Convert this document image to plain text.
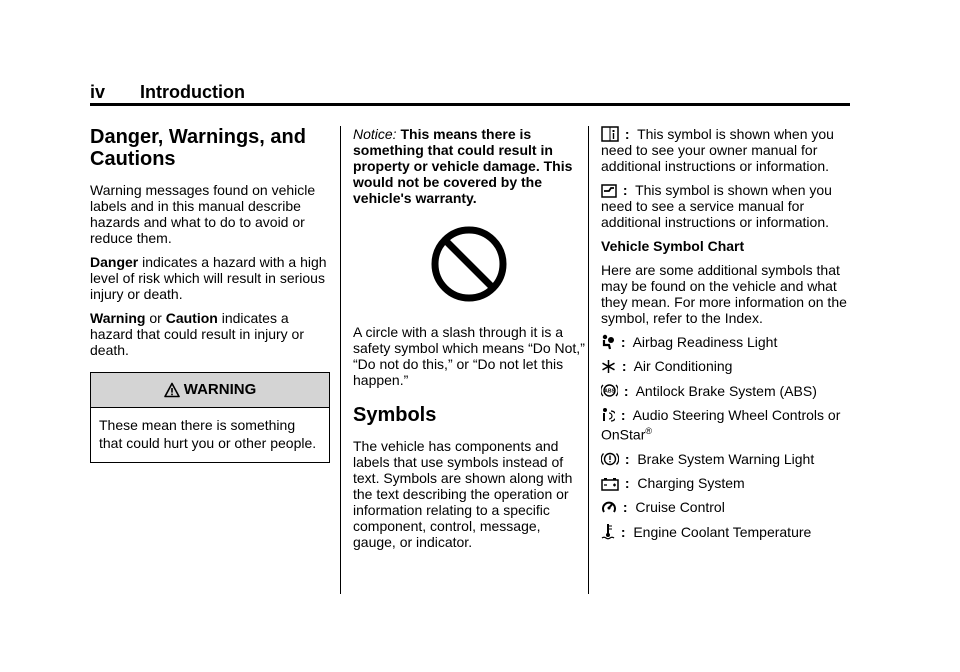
iv Introduction
Danger, Warnings, and Cautions

Warning messages found on vehicle labels and in this manual describe hazards and what to do to avoid or reduce them.

Danger indicates a hazard with a high level of risk which will result in serious injury or death.

Warning or Caution indicates a hazard that could result in injury or death.

WARNING
These mean there is something that could hurt you or other people.

Notice: This means there is something that could result in property or vehicle damage. This would not be covered by the vehicle's warranty.

A circle with a slash through it is a safety symbol which means “Do Not,” “Do not do this,” or “Do not let this happen.”

Symbols

The vehicle has components and labels that use symbols instead of text. Symbols are shown along with the text describing the operation or information relating to a specific component, control, message, gauge, or indicator.

: This symbol is shown when you need to see your owner manual for additional instructions or information.

: This symbol is shown when you need to see a service manual for additional instructions or information.

Vehicle Symbol Chart

Here are some additional symbols that may be found on the vehicle and what they mean. For more information on the symbol, refer to the Index.

: Airbag Readiness Light
: Air Conditioning
ABS : Antilock Brake System (ABS)
: Audio Steering Wheel Controls or OnStar®
: Brake System Warning Light
: Charging System
: Cruise Control
: Engine Coolant Temperature
